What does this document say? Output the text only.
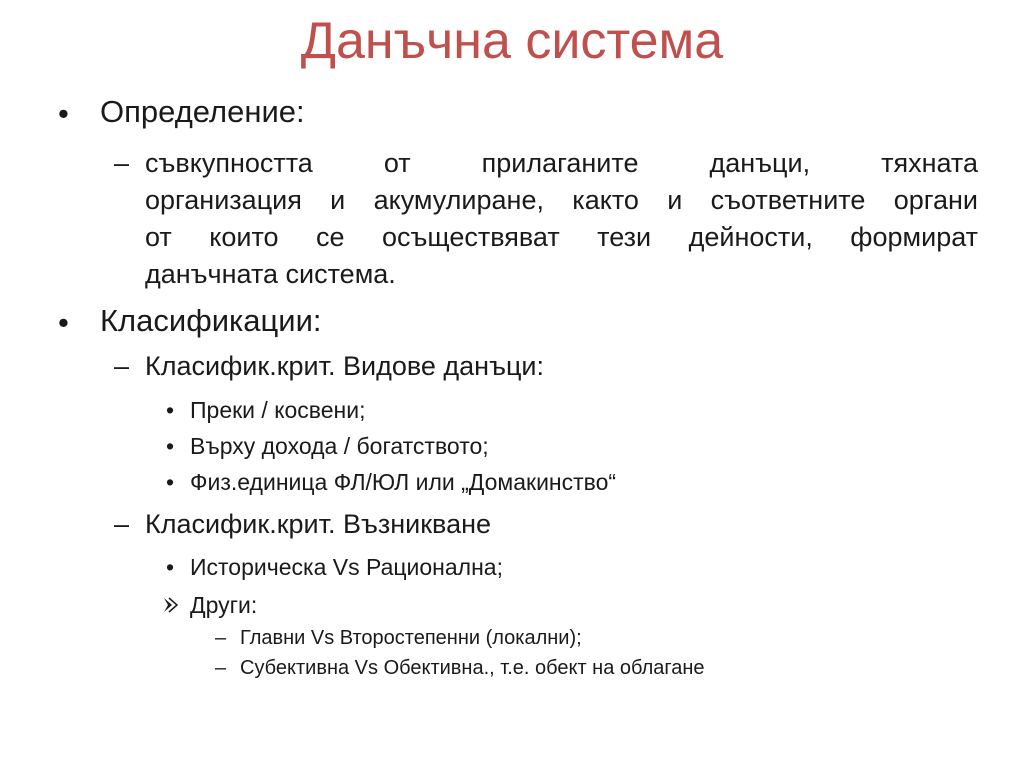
Данъчна система
• Определение:
– съвкупността от прилаганите данъци, тяхната
организация и акумулиране, както и съответните органи
от които се осъществяват тези дейности, формират
данъчната система.
• Класификации:
– Класифик.крит. Видове данъци:
• Преки / косвени;
• Върху дохода / богатството;
• Физ.единица ФЛ/ЮЛ или „Домакинство“
– Класифик.крит. Възникване
• Историческа Vs Рационална;
Други:
– Главни Vs Второстепенни (локални);
– Субективна Vs Обективна., т.е. обект на облагане
